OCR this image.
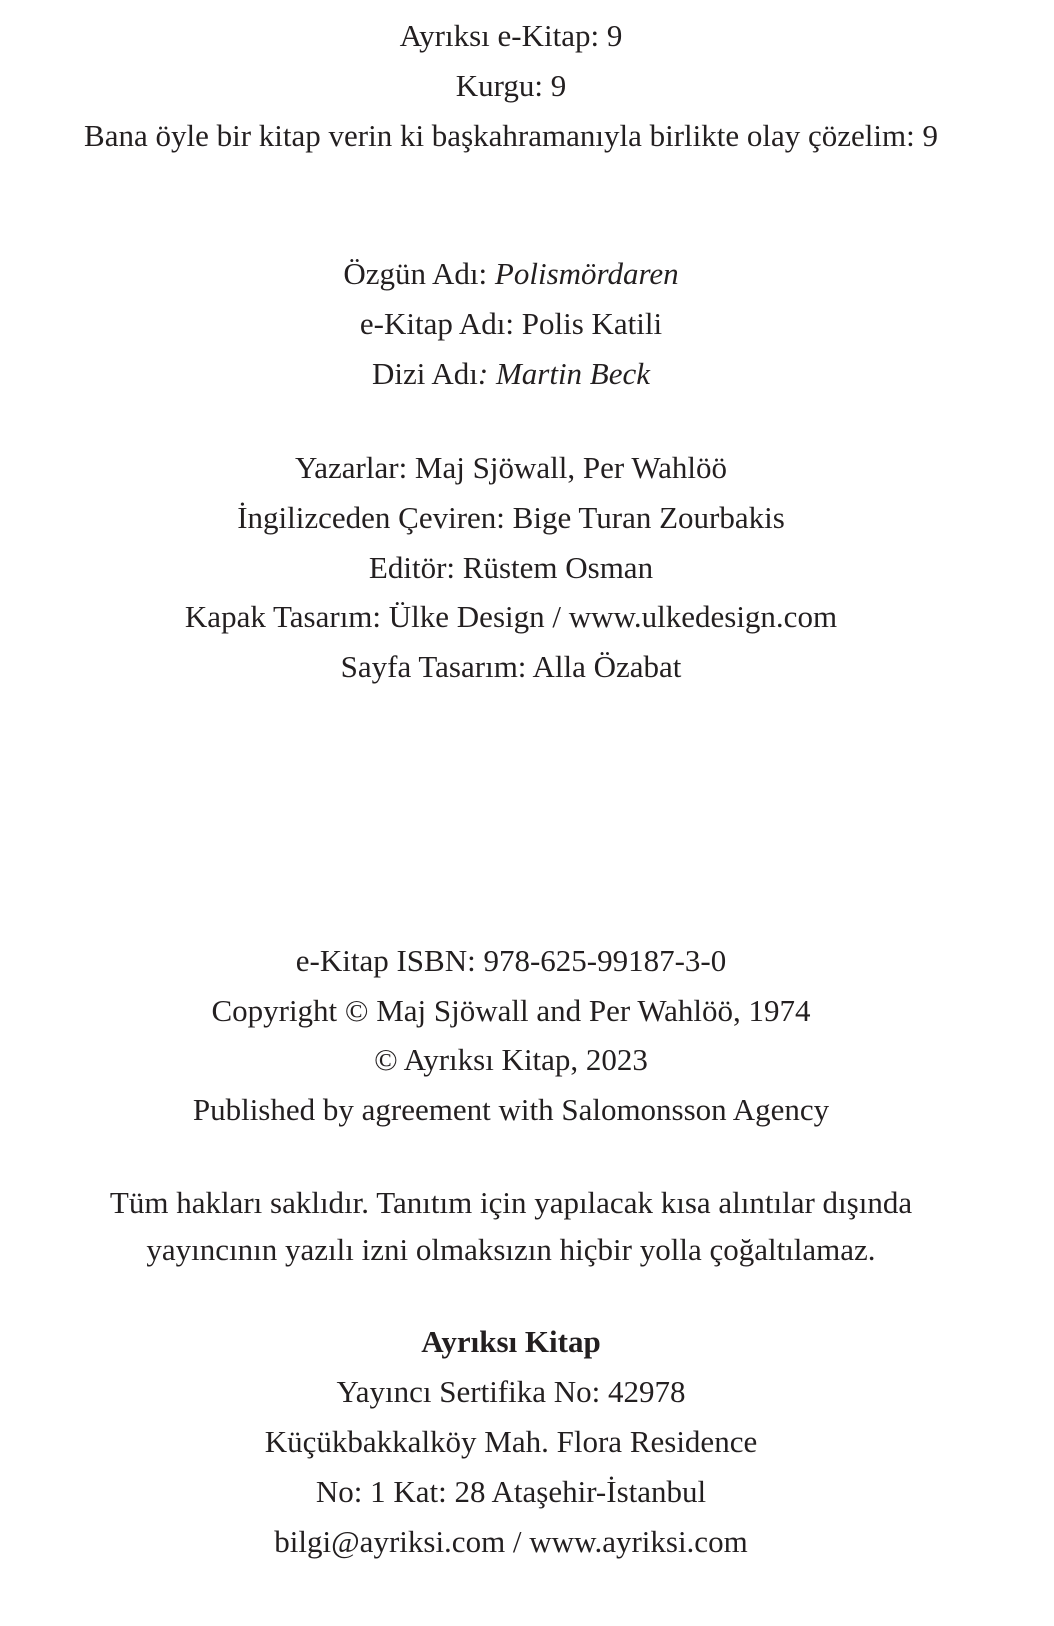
Ayrıksı e-Kitap: 9
Kurgu: 9
Bana öyle bir kitap verin ki başkahramanıyla birlikte olay çözelim: 9
Özgün Adı: Polismördaren
e-Kitap Adı: Polis Katili
Dizi Adı: Martin Beck
Yazarlar: Maj Sjöwall, Per Wahlöö
İngilizceden Çeviren: Bige Turan Zourbakis
Editör: Rüstem Osman
Kapak Tasarım: Ülke Design / www.ulkedesign.com
Sayfa Tasarım: Alla Özabat
e-Kitap ISBN: 978-625-99187-3-0
Copyright © Maj Sjöwall and Per Wahlöö, 1974
© Ayrıksı Kitap, 2023
Published by agreement with Salomonsson Agency
Tüm hakları saklıdır. Tanıtım için yapılacak kısa alıntılar dışında
yayıncının yazılı izni olmaksızın hiçbir yolla çoğaltılamaz.
Ayrıksı Kitap
Yayıncı Sertifika No: 42978
Küçükbakkalköy Mah. Flora Residence
No: 1 Kat: 28 Ataşehir-İstanbul
bilgi@ayriksi.com / www.ayriksi.com
